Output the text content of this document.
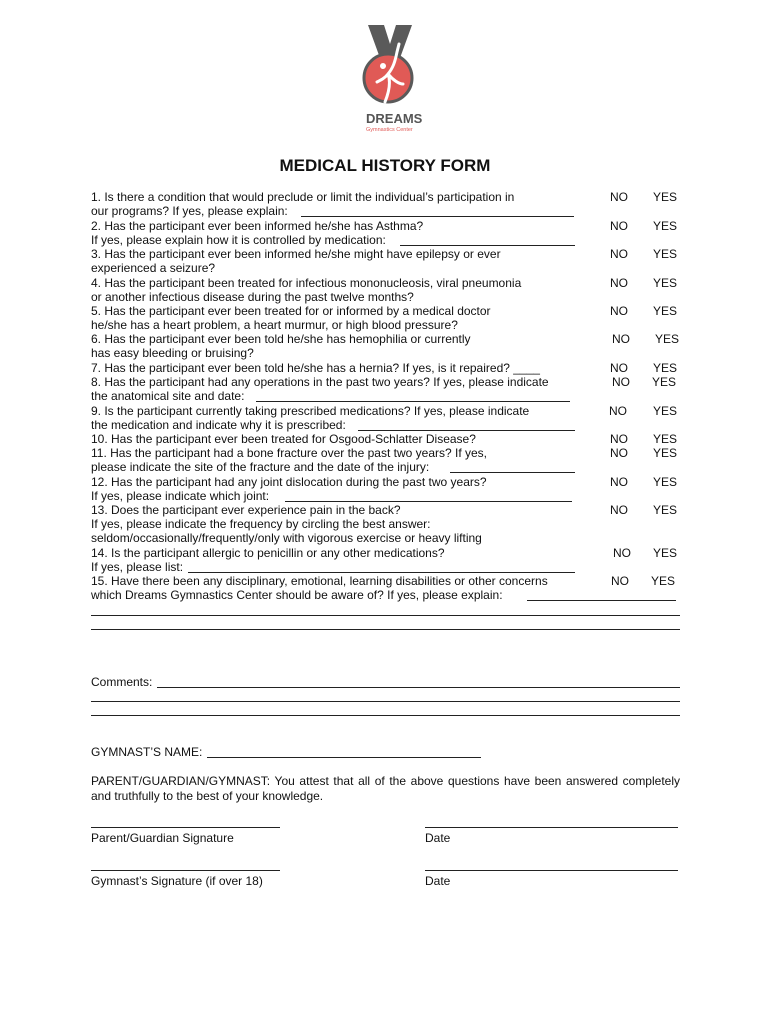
DREAMS
Gymnastics Center
MEDICAL HISTORY FORM
1. Is there a condition that would preclude or limit the individual’s participation in
our programs? If yes, please explain:
NO YES
2. Has the participant ever been informed he/she has Asthma?
If yes, please explain how it is controlled by medication:
NO YES
3. Has the participant ever been informed he/she might have epilepsy or ever
experienced a seizure?
NO YES
4. Has the participant been treated for infectious mononucleosis, viral pneumonia
or another infectious disease during the past twelve months?
NO YES
5. Has the participant ever been treated for or informed by a medical doctor
he/she has a heart problem, a heart murmur, or high blood pressure?
NO YES
6. Has the participant ever been told he/she has hemophilia or currently
has easy bleeding or bruising?
NO YES
7. Has the participant ever been told he/she has a hernia? If yes, is it repaired? ____	NO YES
8. Has the participant had any operations in the past two years? If yes, please indicate
the anatomical site and date:
NO YES
9. Is the participant currently taking prescribed medications? If yes, please indicate
the medication and indicate why it is prescribed:
NO YES
10. Has the participant ever been treated for Osgood-Schlatter Disease?	NO YES
11. Has the participant had a bone fracture over the past two years? If yes,
please indicate the site of the fracture and the date of the injury:
NO YES
12. Has the participant had any joint dislocation during the past two years?
If yes, please indicate which joint:
NO YES
13. Does the participant ever experience pain in the back?
If yes, please indicate the frequency by circling the best answer:
seldom/occasionally/frequently/only with vigorous exercise or heavy lifting
NO YES
14. Is the participant allergic to penicillin or any other medications?
If yes, please list:
NO YES
15. Have there been any disciplinary, emotional, learning disabilities or other concerns
which Dreams Gymnastics Center should be aware of? If yes, please explain:
NO YES
Comments:
GYMNAST’S NAME:
PARENT/GUARDIAN/GYMNAST: You attest that all of the above questions have been answered completely and truthfully to the best of your knowledge.
Parent/Guardian Signature	Date
Gymnast’s Signature (if over 18)	Date
